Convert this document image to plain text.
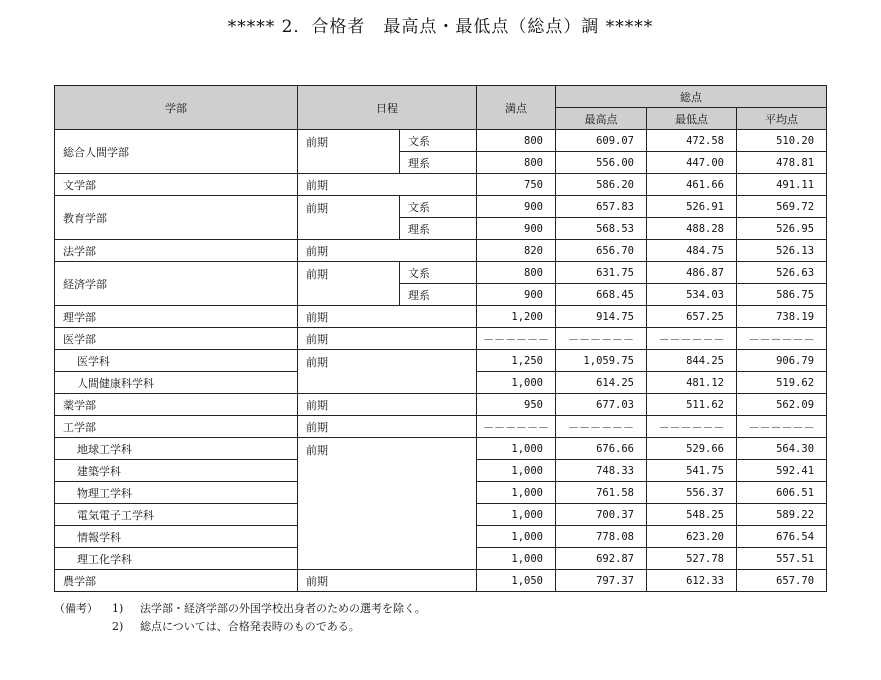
***** 2．合格者　最高点・最低点（総点）調 *****
学部	日程		満点	総点		
				最高点	最低点	平均点
総合人間学部	前期	文系	800	609.07	472.58	510.20
		理系	800	556.00	447.00	478.81
文学部	前期		750	586.20	461.66	491.11
教育学部	前期	文系	900	657.83	526.91	569.72
		理系	900	568.53	488.28	526.95
法学部	前期		820	656.70	484.75	526.13
経済学部	前期	文系	800	631.75	486.87	526.63
		理系	900	668.45	534.03	586.75
理学部	前期		1,200	914.75	657.25	738.19
医学部	前期		－－－－－－	－－－－－－	－－－－－－	－－－－－－
医学科	前期		1,250	1,059.75	844.25	906.79
人間健康科学科			1,000	614.25	481.12	519.62
薬学部	前期		950	677.03	511.62	562.09
工学部	前期		－－－－－－	－－－－－－	－－－－－－	－－－－－－
地球工学科	前期		1,000	676.66	529.66	564.30
建築学科			1,000	748.33	541.75	592.41
物理工学科			1,000	761.58	556.37	606.51
電気電子工学科			1,000	700.37	548.25	589.22
情報学科			1,000	778.08	623.20	676.54
理工化学科			1,000	692.87	527.78	557.51
農学部	前期		1,050	797.37	612.33	657.70
（備考） 1) 法学部・経済学部の外国学校出身者のための選考を除く。
2) 総点については、合格発表時のものである。
